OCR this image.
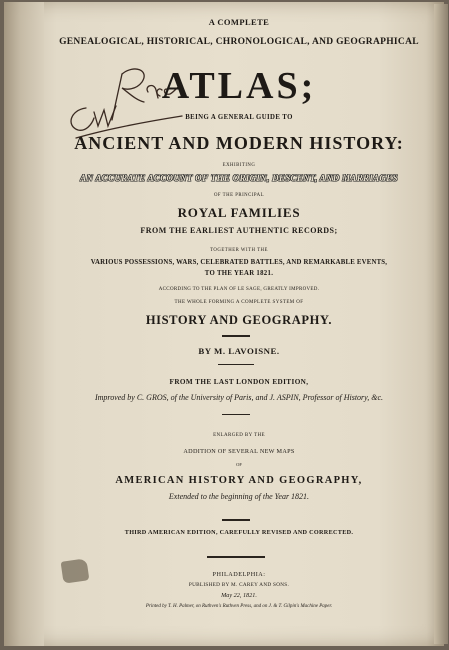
A COMPLETE
GENEALOGICAL, HISTORICAL, CHRONOLOGICAL, AND GEOGRAPHICAL
ATLAS;
BEING A GENERAL GUIDE TO
ANCIENT AND MODERN HISTORY:
EXHIBITING
AN ACCURATE ACCOUNT OF THE ORIGIN, DESCENT, AND MARRIAGES
OF THE PRINCIPAL
ROYAL FAMILIES
FROM THE EARLIEST AUTHENTIC RECORDS;
TOGETHER WITH THE
VARIOUS POSSESSIONS, WARS, CELEBRATED BATTLES, AND REMARKABLE EVENTS,
TO THE YEAR 1821.
ACCORDING TO THE PLAN OF LE SAGE, GREATLY IMPROVED.
THE WHOLE FORMING A COMPLETE SYSTEM OF
HISTORY AND GEOGRAPHY.
BY M. LAVOISNE.
FROM THE LAST LONDON EDITION,
Improved by C. GROS, of the University of Paris, and J. ASPIN, Professor of History, &c.
ENLARGED BY THE
ADDITION OF SEVERAL NEW MAPS
OF
AMERICAN HISTORY AND GEOGRAPHY,
Extended to the beginning of the Year 1821.
THIRD AMERICAN EDITION, CAREFULLY REVISED AND CORRECTED.
PHILADELPHIA:
PUBLISHED BY M. CAREY AND SONS.
May 22, 1821.
Printed by T. H. Palmer, on Ruthven's Ruthven Press, and on J. & T. Gilpin's Machine Paper.
